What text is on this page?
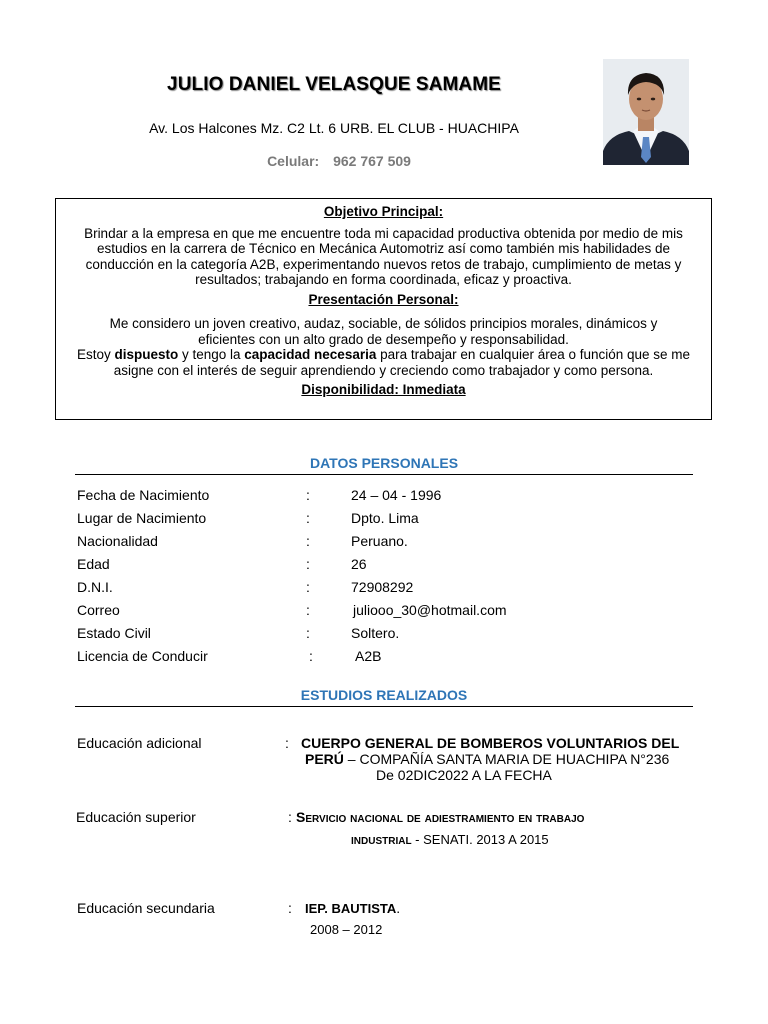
JULIO DANIEL VELASQUE SAMAME
Av. Los Halcones Mz. C2 Lt. 6 URB. EL CLUB - HUACHIPA
Celular: 962 767 509

Objetivo Principal:

Brindar a la empresa en que me encuentre toda mi capacidad productiva obtenida por medio de mis estudios en la carrera de Técnico en Mecánica Automotriz así como también mis habilidades de conducción en la categoría A2B, experimentando nuevos retos de trabajo, cumplimiento de metas y resultados; trabajando en forma coordinada, eficaz y proactiva.

Presentación Personal:

Me considero un joven creativo, audaz, sociable, de sólidos principios morales, dinámicos y eficientes con un alto grado de desempeño y responsabilidad.

Estoy dispuesto y tengo la capacidad necesaria para trabajar en cualquier área o función que se me asigne con el interés de seguir aprendiendo y creciendo como trabajador y como persona.

Disponibilidad: Inmediata

DATOS PERSONALES
Fecha de Nacimiento	:	24 – 04 - 1996
Lugar de Nacimiento	:	Dpto. Lima
Nacionalidad	:	Peruano.
Edad	:	26
D.N.I.	:	72908292
Correo	:	juliooo_30@hotmail.com
Estado Civil	:	Soltero.
Licencia de Conducir	:	A2B
ESTUDIOS REALIZADOS
Educación adicional	: CUERPO GENERAL DE BOMBEROS VOLUNTARIOS DEL
PERÚ – COMPAÑÍA SANTA MARIA DE HUACHIPA N°236
De 02DIC2022 A LA FECHA
Educación superior	: Servicio nacional de adiestramiento en trabajo
industrial - SENATI. 2013 A 2015
Educación secundaria	: IEP. BAUTISTA.
2008 – 2012
